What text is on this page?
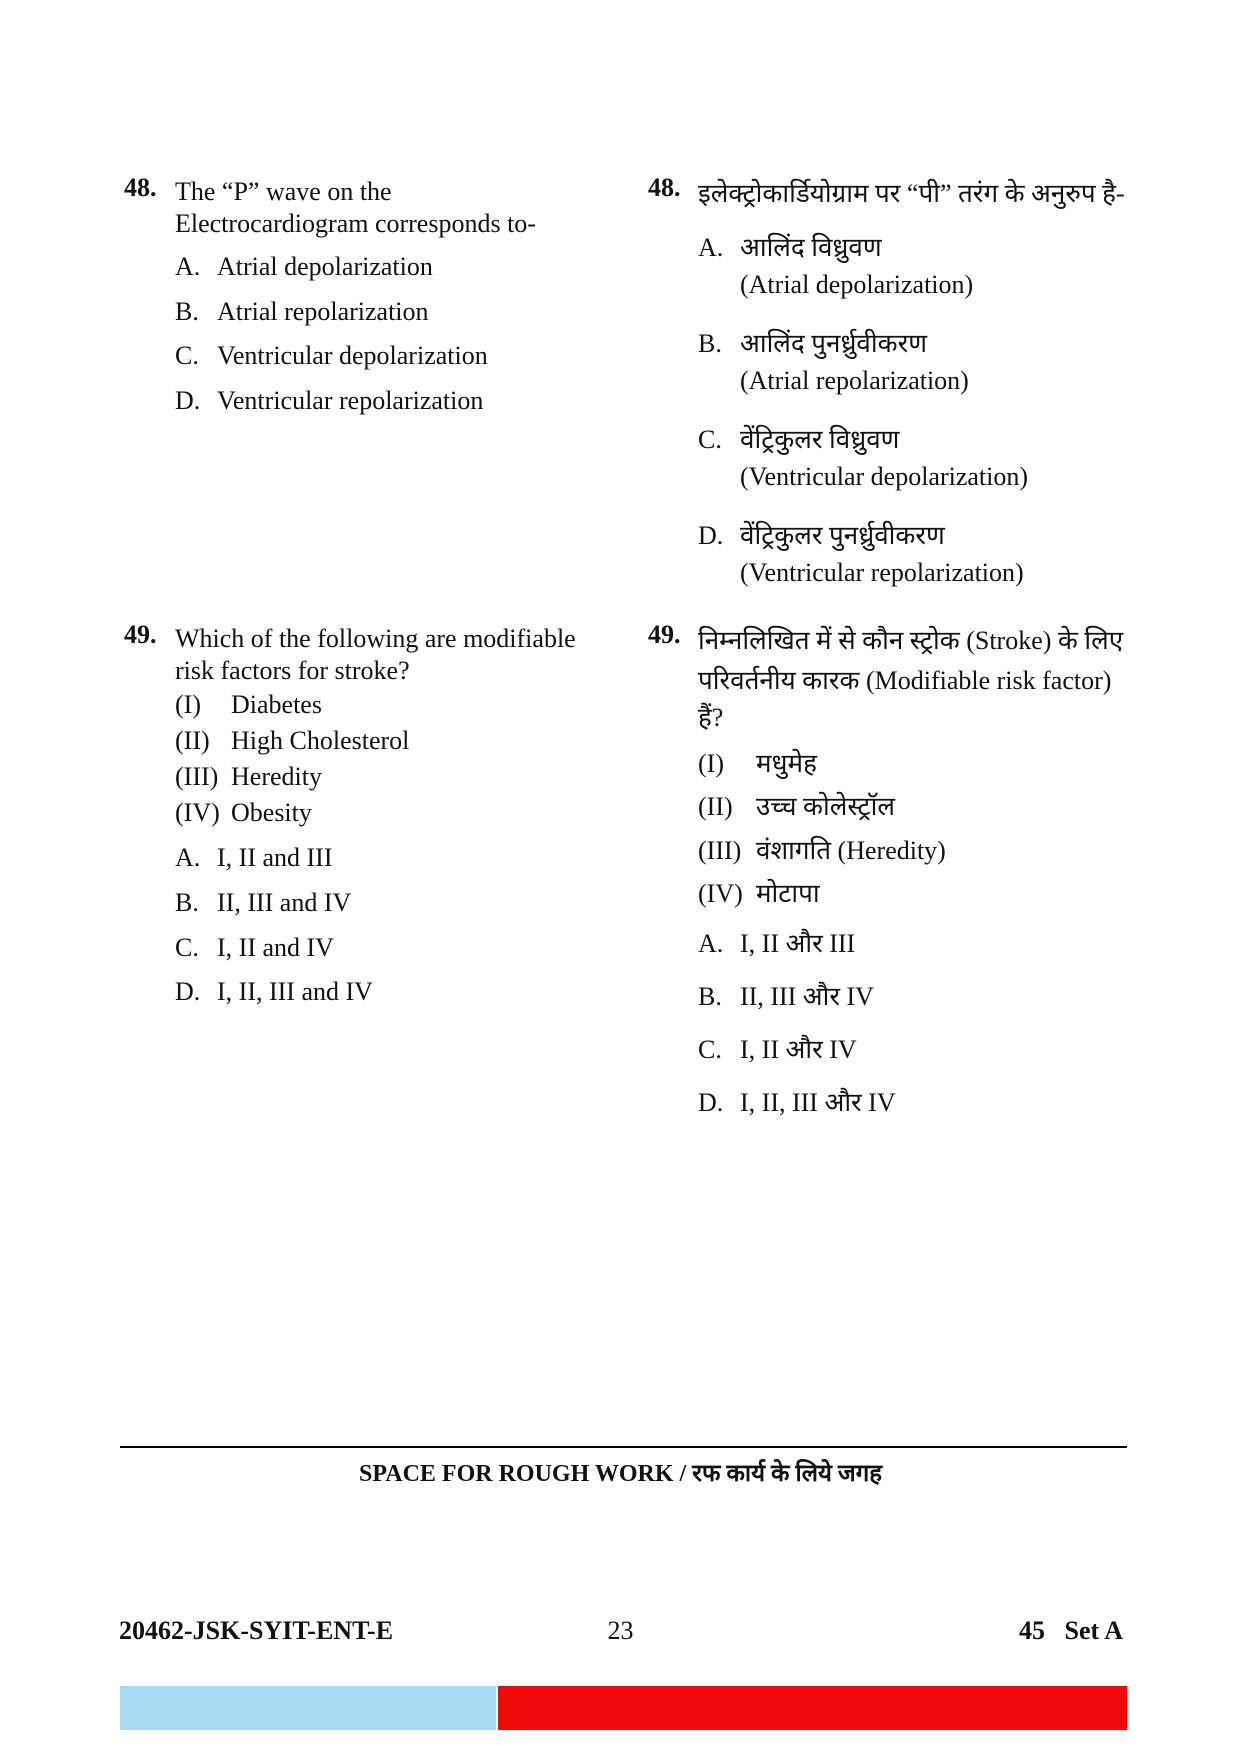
48. The “P” wave on the Electrocardiogram corresponds to-
A. Atrial depolarization
B. Atrial repolarization
C. Ventricular depolarization
D. Ventricular repolarization
49. Which of the following are modifiable risk factors for stroke?
(I) Diabetes
(II) High Cholesterol
(III) Heredity
(IV) Obesity
A. I, II and III
B. II, III and IV
C. I, II and IV
D. I, II, III and IV
48. इलेक्ट्रोकार्डियोग्राम पर “पी” तरंग के अनुरुप है-
A. आलिंद विध्रुवण
(Atrial depolarization)
B. आलिंद पुनर्ध्रुवीकरण
(Atrial repolarization)
C. वेंट्रिकुलर विध्रुवण
(Ventricular depolarization)
D. वेंट्रिकुलर पुनर्ध्रुवीकरण
(Ventricular repolarization)
49. निम्नलिखित में से कौन स्ट्रोक (Stroke) के लिए
परिवर्तनीय कारक (Modifiable risk factor)
हैं?
(I) मधुमेह
(II) उच्च कोलेस्ट्रॉल
(III) वंशागति (Heredity)
(IV) मोटापा
A. I, II और III
B. II, III और IV
C. I, II और IV
D. I, II, III और IV
SPACE FOR ROUGH WORK / रफ कार्य के लिये जगह
20462-JSK-SYIT-ENT-E	23	45   Set A
